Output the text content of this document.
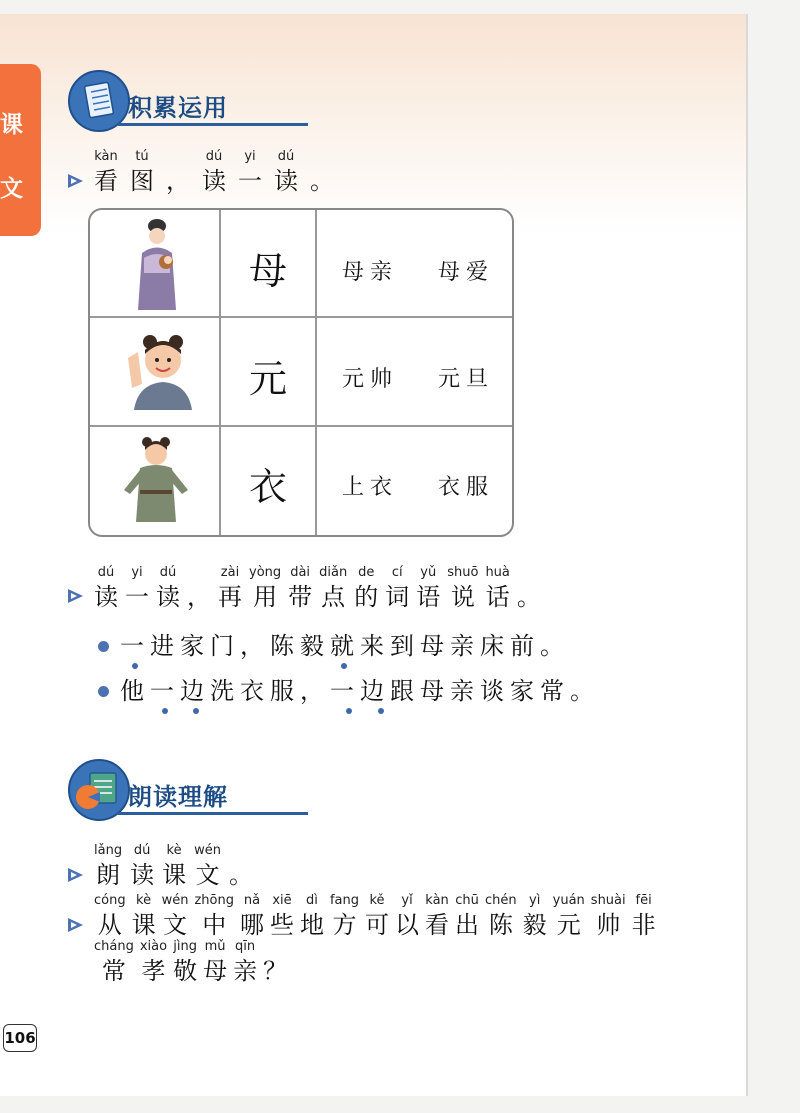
课
文
积累运用
kàn
看
tú
图 ，
dú
读
yi
一
dú
读 。
母	母亲 母爱
元	元帅 元旦
衣	上衣 衣服
dú
读
yi
一
dú
读 ，
zài
再
yòng
用
dài
带
diǎn
点
de
的
cí
词
yǔ
语
shuō
说
huà
话 。
一进家门，陈毅就来到母亲床前。
他一边洗衣服，一边跟母亲谈家常。
朗读理解
lǎng
朗
dú
读
kè
课
wén
文 。
cóng
从
kè
课
wén
文
zhōng
中
nǎ
哪
xiē
些
dì
地
fang
方
kě
可
yǐ
以
kàn
看
chū
出
chén
陈
yì
毅
yuán
元
shuài
帅
fēi
非
cháng
常
xiào
孝
jìng
敬
mǔ
母
qīn
亲 ？
106
